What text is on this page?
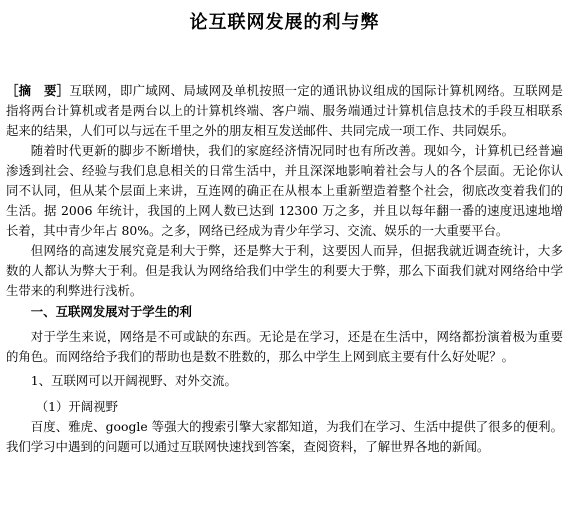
论互联网发展的利与弊

［摘　要］互联网，即广域网、局域网及单机按照一定的通讯协议组成的国际计算机网络。互联网是指将两台计算机或者是两台以上的计算机终端、客户端、服务端通过计算机信息技术的手段互相联系起来的结果，人们可以与远在千里之外的朋友相互发送邮件、共同完成一项工作、共同娱乐。

随着时代更新的脚步不断增快，我们的家庭经济情况同时也有所改善。现如今，计算机已经普遍渗透到社会、经验与我们息息相关的日常生活中，并且深深地影响着社会与人的各个层面。无论你认同不认同，但从某个层面上来讲，互连网的确正在从根本上重新塑造着整个社会，彻底改变着我们的生活。据 2006 年统计，我国的上网人数已达到 12300 万之多，并且以每年翻一番的速度迅速地增长着，其中青少年占 80%。之多，网络已经成为青少年学习、交流、娱乐的一大重要平台。

但网络的高速发展究竟是利大于弊，还是弊大于利，这要因人而异，但据我就近调查统计，大多数的人都认为弊大于利。但是我认为网络给我们中学生的利要大于弊，那么下面我们就对网络给中学生带来的利弊进行浅析。

一、互联网发展对于学生的利

对于学生来说，网络是不可或缺的东西。无论是在学习，还是在生活中，网络都扮演着极为重要的角色。而网络给予我们的帮助也是数不胜数的，那么中学生上网到底主要有什么好处呢？。

1、互联网可以开阔视野、对外交流。

（1）开阔视野

百度、雅虎、google 等强大的搜索引擎大家都知道，为我们在学习、生活中提供了很多的便利。我们学习中遇到的问题可以通过互联网快速找到答案，查阅资料，了解世界各地的新闻。
